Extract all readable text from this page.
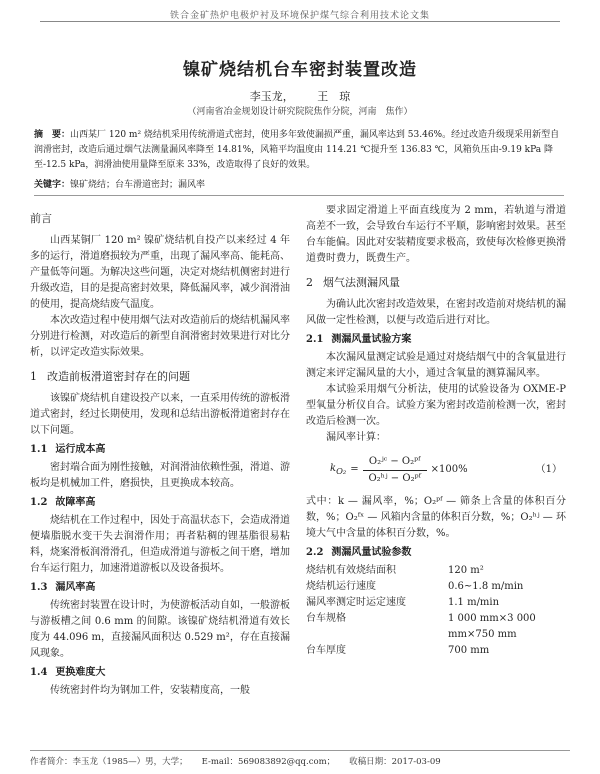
铁合金矿热炉电极炉衬及环境保护煤气综合利用技术论文集
镍矿烧结机台车密封装置改造
李玉龙， 王　琼
（河南省冶金规划设计研究院院焦作分院，河南　焦作）
摘　要：山西某厂 120 m² 烧结机采用传统滑道式密封，使用多年致使漏损严重，漏风率达到 53.46%。经过改造升级现采用新型自润滑密封，改造后通过烟气法测量漏风率降至 14.81%，风箱平均温度由 114.21 ℃提升至 136.83 ℃，风箱负压由-9.19 kPa 降至-12.5 kPa，润滑油使用量降至原来 33%，改造取得了良好的效果。
关键字：镍矿烧结；台车滑道密封；漏风率
前言

山西某铜厂 120 m² 镍矿烧结机自投产以来经过 4 年多的运行，滑道磨损较为严重，出现了漏风率高、能耗高、产量低等问题。为解决这些问题，决定对烧结机侧密封进行升级改造，目的是提高密封效果，降低漏风率，减少润滑油的使用，提高烧结废气温度。

本次改造过程中使用烟气法对改造前后的烧结机漏风率分别进行检测，对改造后的新型自润滑密封效果进行对比分析，以评定改造实际效果。

1 改造前板滑道密封存在的问题

该镍矿烧结机自建设投产以来，一直采用传统的游板滑道式密封，经过长期使用，发现和总结出游板滑道密封存在以下问题。

1.1 运行成本高

密封端合面为刚性接触，对润滑油依赖性强，滑道、游板均是机械加工件，磨损快，且更换成本较高。

1.2 故障率高

烧结机在工作过程中，因处于高温状态下，会造成滑道便墙脂脱水变干失去润滑作用；再者粘稠的锂基脂很易粘料，烧案滑板润滑滑孔，但造成滑道与游板之间干磨，增加台车运行阻力，加速滑道游板以及设备损坏。

1.3 漏风率高

传统密封装置在设计时，为使游板活动自如，一般游板与游板槽之间 0.6 mm 的间隙。该镍矿烧结机滑道有效长度为 44.096 m，直接漏风面积达 0.529 m²，存在直接漏风现象。

1.4 更换难度大

传统密封件均为钢加工件，安装精度高，一般

要求固定滑道上平面直线度为 2 mm，若轨道与滑道高差不一致，会导致台车运行不平顺，影响密封效果。甚至台车能偏。因此对安装精度要求极高，致使每次检修更换滑道费时费力，既费生产。

2 烟气法测漏风量

为确认此次密封改造效果，在密封改造前对烧结机的漏风做一定性检测，以便与改造后进行对比。

2.1 测漏风量试验方案

本次漏风量测定试验是通过对烧结烟气中的含氧量进行测定来评定漏风量的大小，通过含氧量的测算漏风率。

本试验采用烟气分析法，使用的试验设备为 OXME-P 型氧量分析仪自合。试验方案为密封改造前检测一次，密封改造后检测一次。

漏风率计算：

$k_{O_2} = \frac{\text{O₂ʲᶜ − O₂ᵖᶠ}}{\text{O₂ʰʲ − O₂ᵖᶠ}} \times 100\%$	（1）

式中：k — 漏风率，%；O₂ᵖᶠ — 筛条上含量的体积百分数，%；O₂ᶠˣ — 风箱内含量的体积百分数，%；O₂ʰʲ — 环境大气中含量的体积百分数，%。

2.2 测漏风量试验参数
烧结机有效烧结面积	120 m²
烧结机运行速度	0.6~1.8 m/min
漏风率测定时运定速度	1.1 m/min
台车规格	1 000 mm×3 000 mm×750 mm
台车厚度	700 mm
作者简介：李玉龙（1985—）男，大学； E-mail：569083892@qq.com； 收稿日期：2017-03-09
